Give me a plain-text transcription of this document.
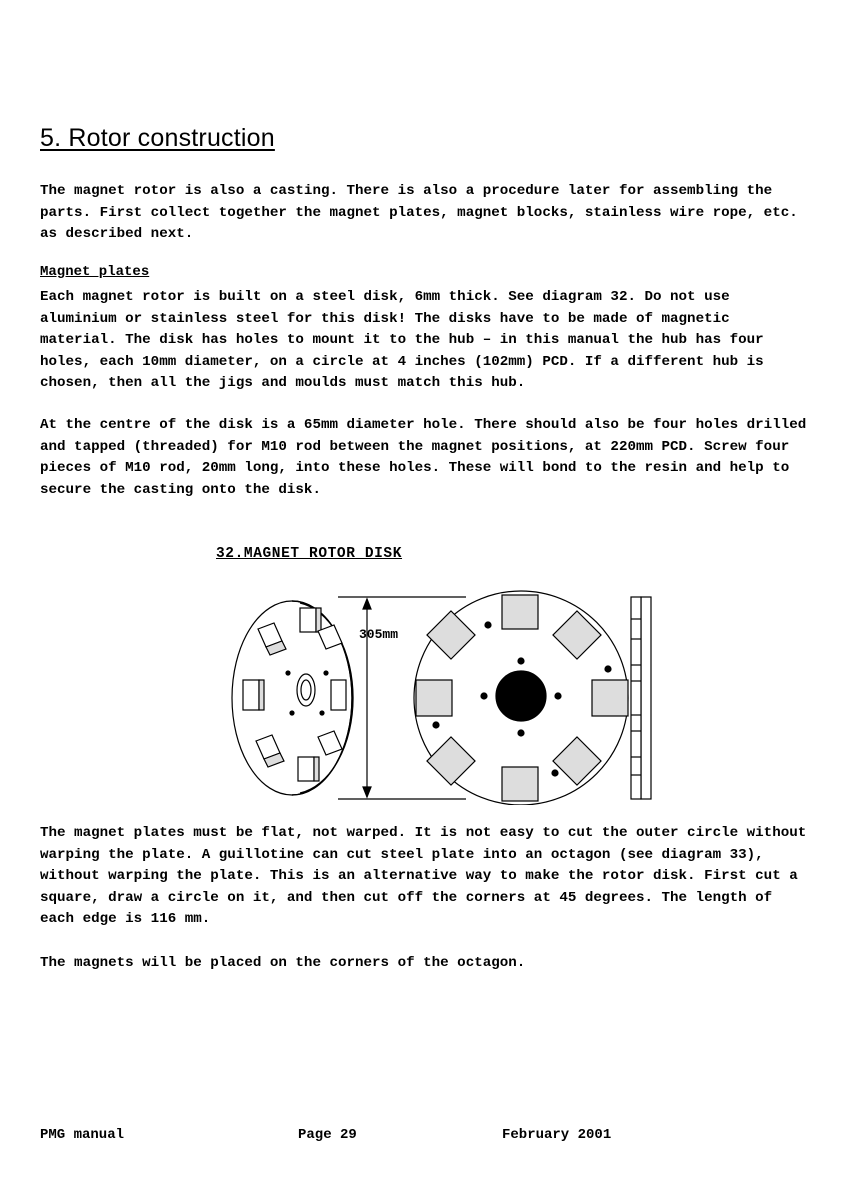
5. Rotor construction

The magnet rotor is also a casting. There is also a procedure later for assembling the parts. First collect together the magnet plates, magnet blocks, stainless wire rope, etc. as described next.

Magnet plates

Each magnet rotor is built on a steel disk, 6mm thick. See diagram 32. Do not use aluminium or stainless steel for this disk! The disks have to be made of magnetic material. The disk has holes to mount it to the hub – in this manual the hub has four holes, each 10mm diameter, on a circle at 4 inches (102mm) PCD. If a different hub is chosen, then all the jigs and moulds must match this hub.

At the centre of the disk is a 65mm diameter hole. There should also be four holes drilled and tapped (threaded) for M10 rod between the magnet positions, at 220mm PCD. Screw four pieces of M10 rod, 20mm long, into these holes. These will bond to the resin and help to secure the casting onto the disk.

32.MAGNET ROTOR DISK

305mm

The magnet plates must be flat, not warped. It is not easy to cut the outer circle without warping the plate. A guillotine can cut steel plate into an octagon (see diagram 33), without warping the plate. This is an alternative way to make the rotor disk. First cut a square, draw a circle on it, and then cut off the corners at 45 degrees. The length of each edge is 116 mm.

The magnets will be placed on the corners of the octagon.

PMG manual	Page 29	February 2001
